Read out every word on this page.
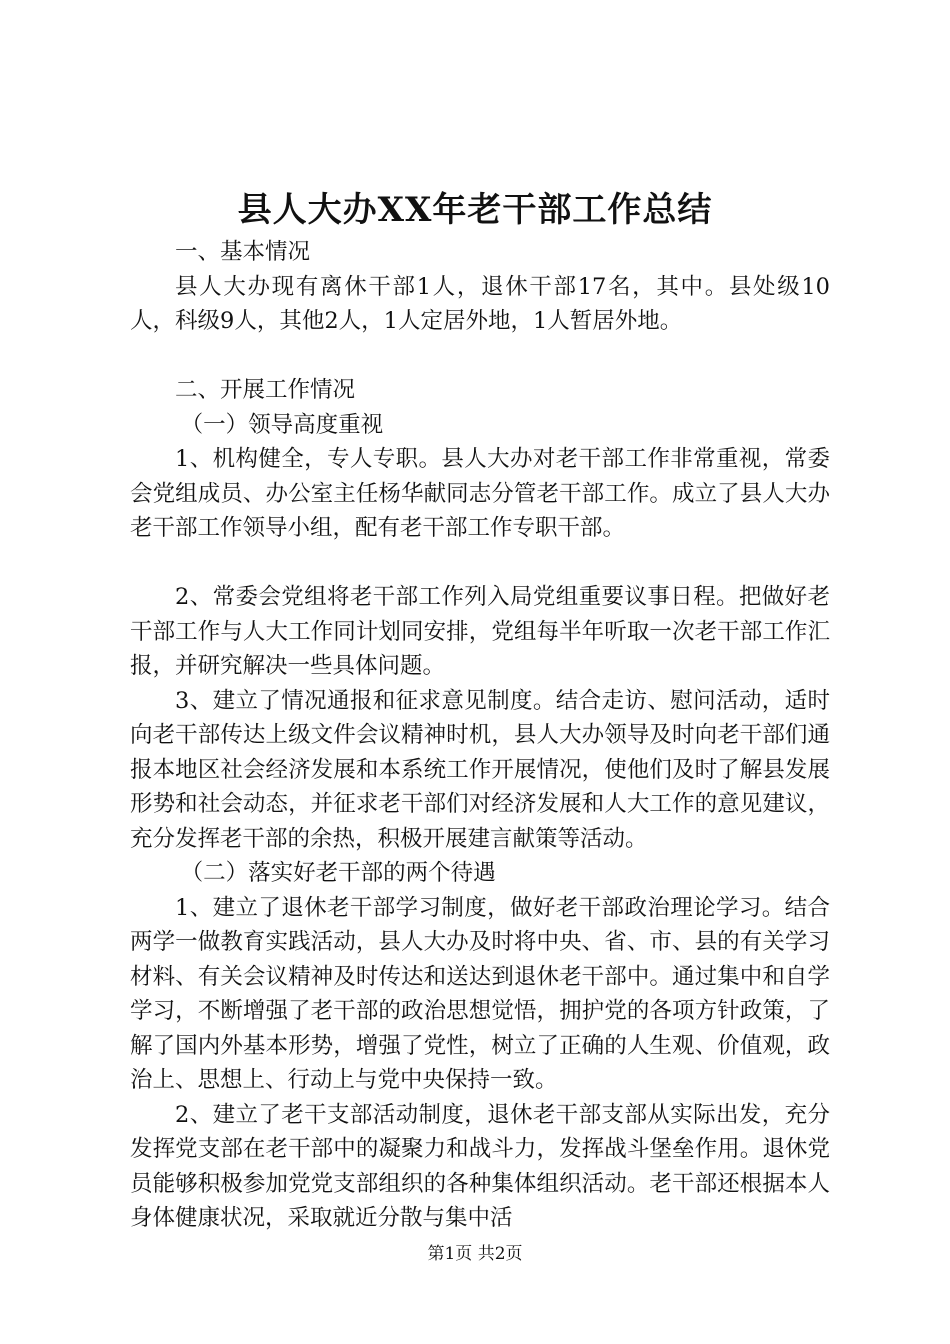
县人大办XX年老干部工作总结

一、基本情况

县人大办现有离休干部1人，退休干部17名，其中。县处级10人，科级9人，其他2人，1人定居外地，1人暂居外地。

二、开展工作情况

（一）领导高度重视

1、机构健全，专人专职。县人大办对老干部工作非常重视，常委会党组成员、办公室主任杨华献同志分管老干部工作。成立了县人大办老干部工作领导小组，配有老干部工作专职干部。

2、常委会党组将老干部工作列入局党组重要议事日程。把做好老干部工作与人大工作同计划同安排，党组每半年听取一次老干部工作汇报，并研究解决一些具体问题。

3、建立了情况通报和征求意见制度。结合走访、慰问活动，适时向老干部传达上级文件会议精神时机，县人大办领导及时向老干部们通报本地区社会经济发展和本系统工作开展情况，使他们及时了解县发展形势和社会动态，并征求老干部们对经济发展和人大工作的意见建议，充分发挥老干部的余热，积极开展建言献策等活动。

（二）落实好老干部的两个待遇

1、建立了退休老干部学习制度，做好老干部政治理论学习。结合两学一做教育实践活动，县人大办及时将中央、省、市、县的有关学习材料、有关会议精神及时传达和送达到退休老干部中。通过集中和自学学习，不断增强了老干部的政治思想觉悟，拥护党的各项方针政策，了解了国内外基本形势，增强了党性，树立了正确的人生观、价值观，政治上、思想上、行动上与党中央保持一致。

2、建立了老干支部活动制度，退休老干部支部从实际出发，充分发挥党支部在老干部中的凝聚力和战斗力，发挥战斗堡垒作用。退休党员能够积极参加党党支部组织的各种集体组织活动。老干部还根据本人身体健康状况，采取就近分散与集中活

第1页 共2页
